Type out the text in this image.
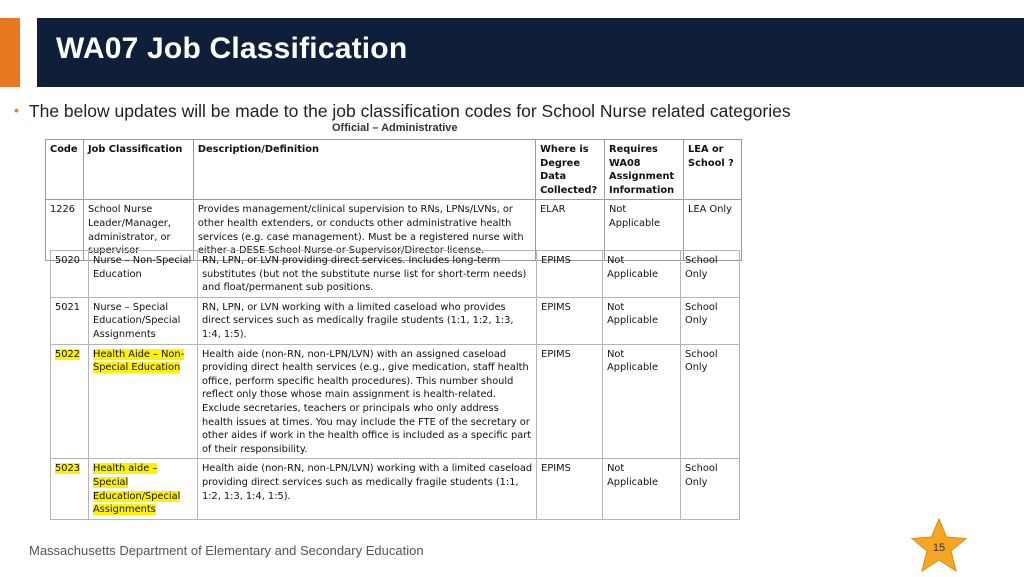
WA07 Job Classification
• The below updates will be made to the job classification codes for School Nurse related categories
Official – Administrative
Code	Job Classification	Description/Definition	Where is Degree Data Collected?	Requires WA08 Assignment Information	LEA or School ?
1226	School Nurse Leader/Manager, administrator, or supervisor	Provides management/clinical supervision to RNs, LPNs/LVNs, or other health extenders, or conducts other administrative health services (e.g. case management). Must be a registered nurse with either a DESE School Nurse or Supervisor/Director license.	ELAR	Not Applicable	LEA Only
5020	Nurse – Non-Special Education	RN, LPN, or LVN providing direct services. Includes long-term substitutes (but not the substitute nurse list for short-term needs) and float/permanent sub positions.	EPIMS	Not Applicable	School Only
5021	Nurse – Special Education/Special Assignments	RN, LPN, or LVN working with a limited caseload who provides direct services such as medically fragile students (1:1, 1:2, 1:3, 1:4, 1:5).	EPIMS	Not Applicable	School Only
5022	Health Aide – Non-Special Education	Health aide (non-RN, non-LPN/LVN) with an assigned caseload providing direct health services (e.g., give medication, staff health office, perform specific health procedures). This number should reflect only those whose main assignment is health-related. Exclude secretaries, teachers or principals who only address health issues at times. You may include the FTE of the secretary or other aides if work in the health office is included as a specific part of their responsibility.	EPIMS	Not Applicable	School Only
5023	Health aide – Special Education/Special Assignments	Health aide (non-RN, non-LPN/LVN) working with a limited caseload providing direct services such as medically fragile students (1:1, 1:2, 1:3, 1:4, 1:5).	EPIMS	Not Applicable	School Only
Massachusetts Department of Elementary and Secondary Education	15
